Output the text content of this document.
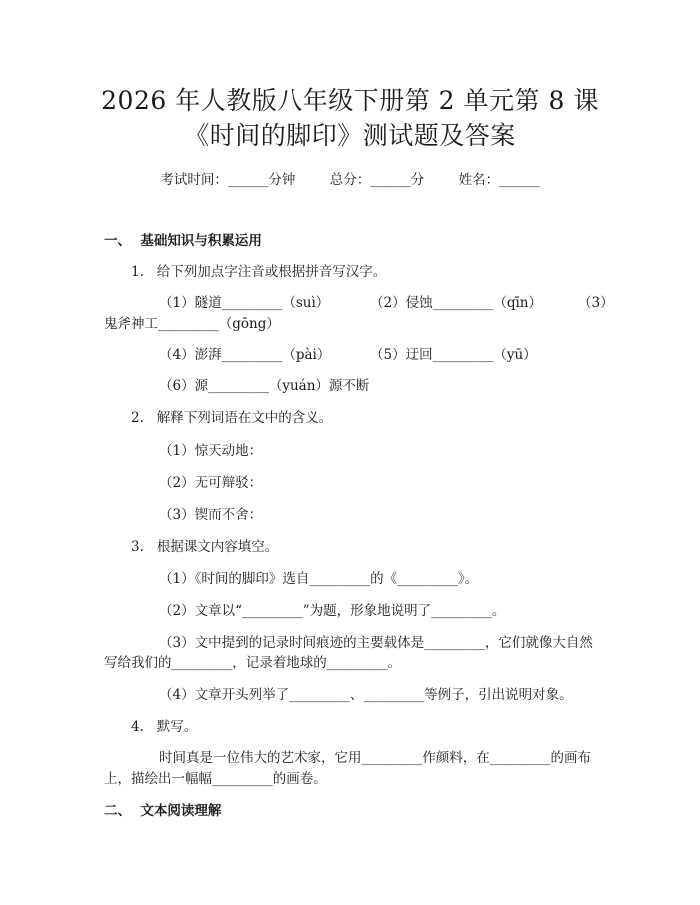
2026 年人教版八年级下册第 2 单元第 8 课
《时间的脚印》测试题及答案
考试时间：______分钟	总分：______分	姓名：______
一、  基础知识与积累运用
1.   给下列加点字注音或根据拼音写汉字。
（1）隧道_________（suì）	（2）侵蚀_________（qīn）	（3）
鬼斧神工_________（gōng）
（4）澎湃_________（pài）	（5）迂回_________（yū）
（6）源_________（yuán）源不断
2.   解释下列词语在文中的含义。
（1）惊天动地：
（2）无可辩驳：
（3）锲而不舍：
3.   根据课文内容填空。
（1）《时间的脚印》选自_________的《_________》。
（2）文章以“_________”为题，形象地说明了_________。
（3）文中提到的记录时间痕迹的主要载体是_________，它们就像大自然
写给我们的_________，记录着地球的_________。
（4）文章开头列举了_________、_________等例子，引出说明对象。
4.   默写。
时间真是一位伟大的艺术家，它用_________作颜料，在_________的画布
上，描绘出一幅幅_________的画卷。
二、  文本阅读理解
